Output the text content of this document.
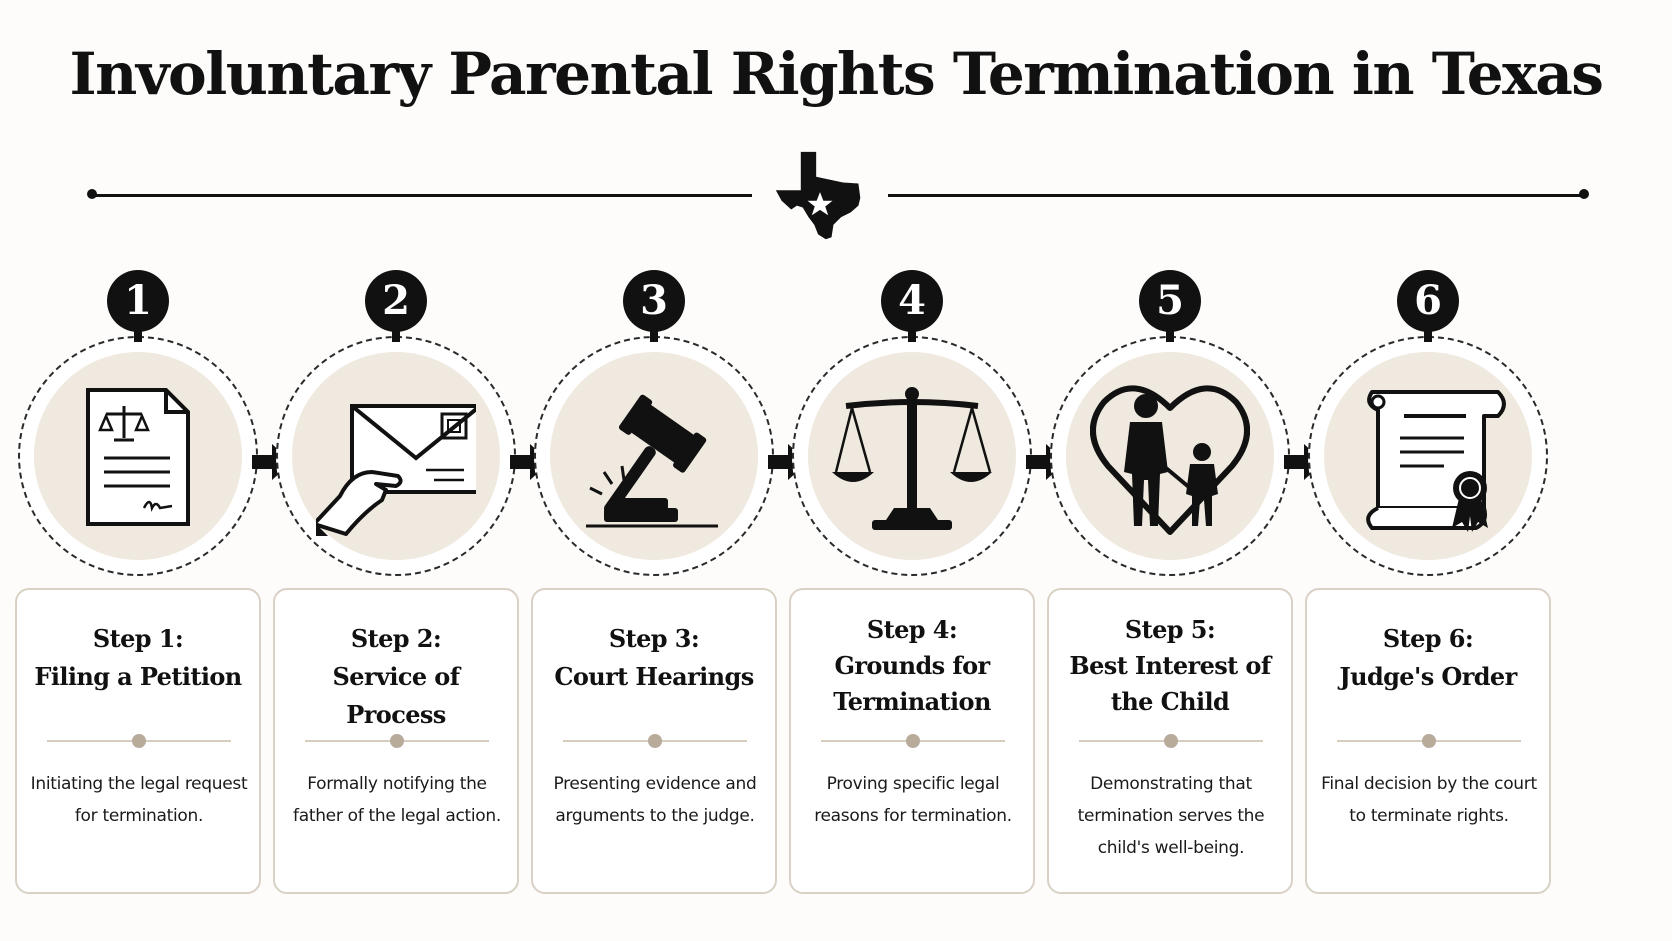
Involuntary Parental Rights Termination in Texas
1
Step 1:
Filing a Petition
Initiating the legal request for termination.
2
Step 2:
Service of Process
Formally notifying the father of the legal action.
3
Step 3:
Court Hearings
Presenting evidence and arguments to the judge.
4
Step 4:
Grounds for Termination
Proving specific legal reasons for termination.
5
Step 5:
Best Interest of the Child
Demonstrating that termination serves the child's well-being.
6
Step 6:
Judge's Order
Final decision by the court to terminate rights.
